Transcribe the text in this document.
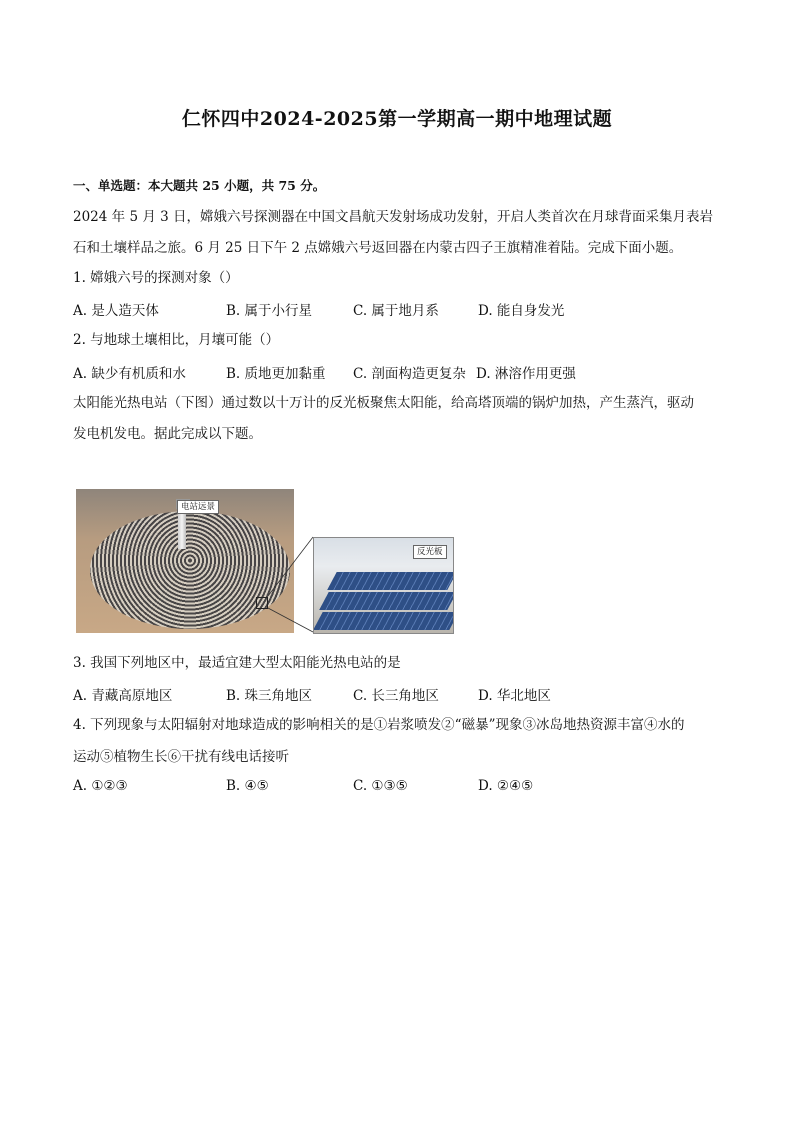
仁怀四中2024-2025第一学期高一期中地理试题
一、单选题：本大题共 25 小题，共 75 分。
2024 年 5 月 3 日，嫦娥六号探测器在中国文昌航天发射场成功发射，开启人类首次在月球背面采集月表岩
石和土壤样品之旅。6 月 25 日下午 2 点嫦娥六号返回器在内蒙古四子王旗精准着陆。完成下面小题。
1. 嫦娥六号的探测对象（）
A. 是人造天体	B. 属于小行星	C. 属于地月系	D. 能自身发光
2. 与地球土壤相比，月壤可能（）
A. 缺少有机质和水	B. 质地更加黏重 C. 剖面构造更复杂 D. 淋溶作用更强
太阳能光热电站（下图）通过数以十万计的反光板聚焦太阳能，给高塔顶端的锅炉加热，产生蒸汽，驱动
发电机发电。据此完成以下题。
电站远景
反光板
3. 我国下列地区中，最适宜建大型太阳能光热电站的是
A. 青藏高原地区	B. 珠三角地区	C. 长三角地区	D. 华北地区
4. 下列现象与太阳辐射对地球造成的影响相关的是①岩浆喷发②“磁暴”现象③冰岛地热资源丰富④水的
运动⑤植物生长⑥干扰有线电话接听
A. ①②③	B. ④⑤	C. ①③⑤	D. ②④⑤
